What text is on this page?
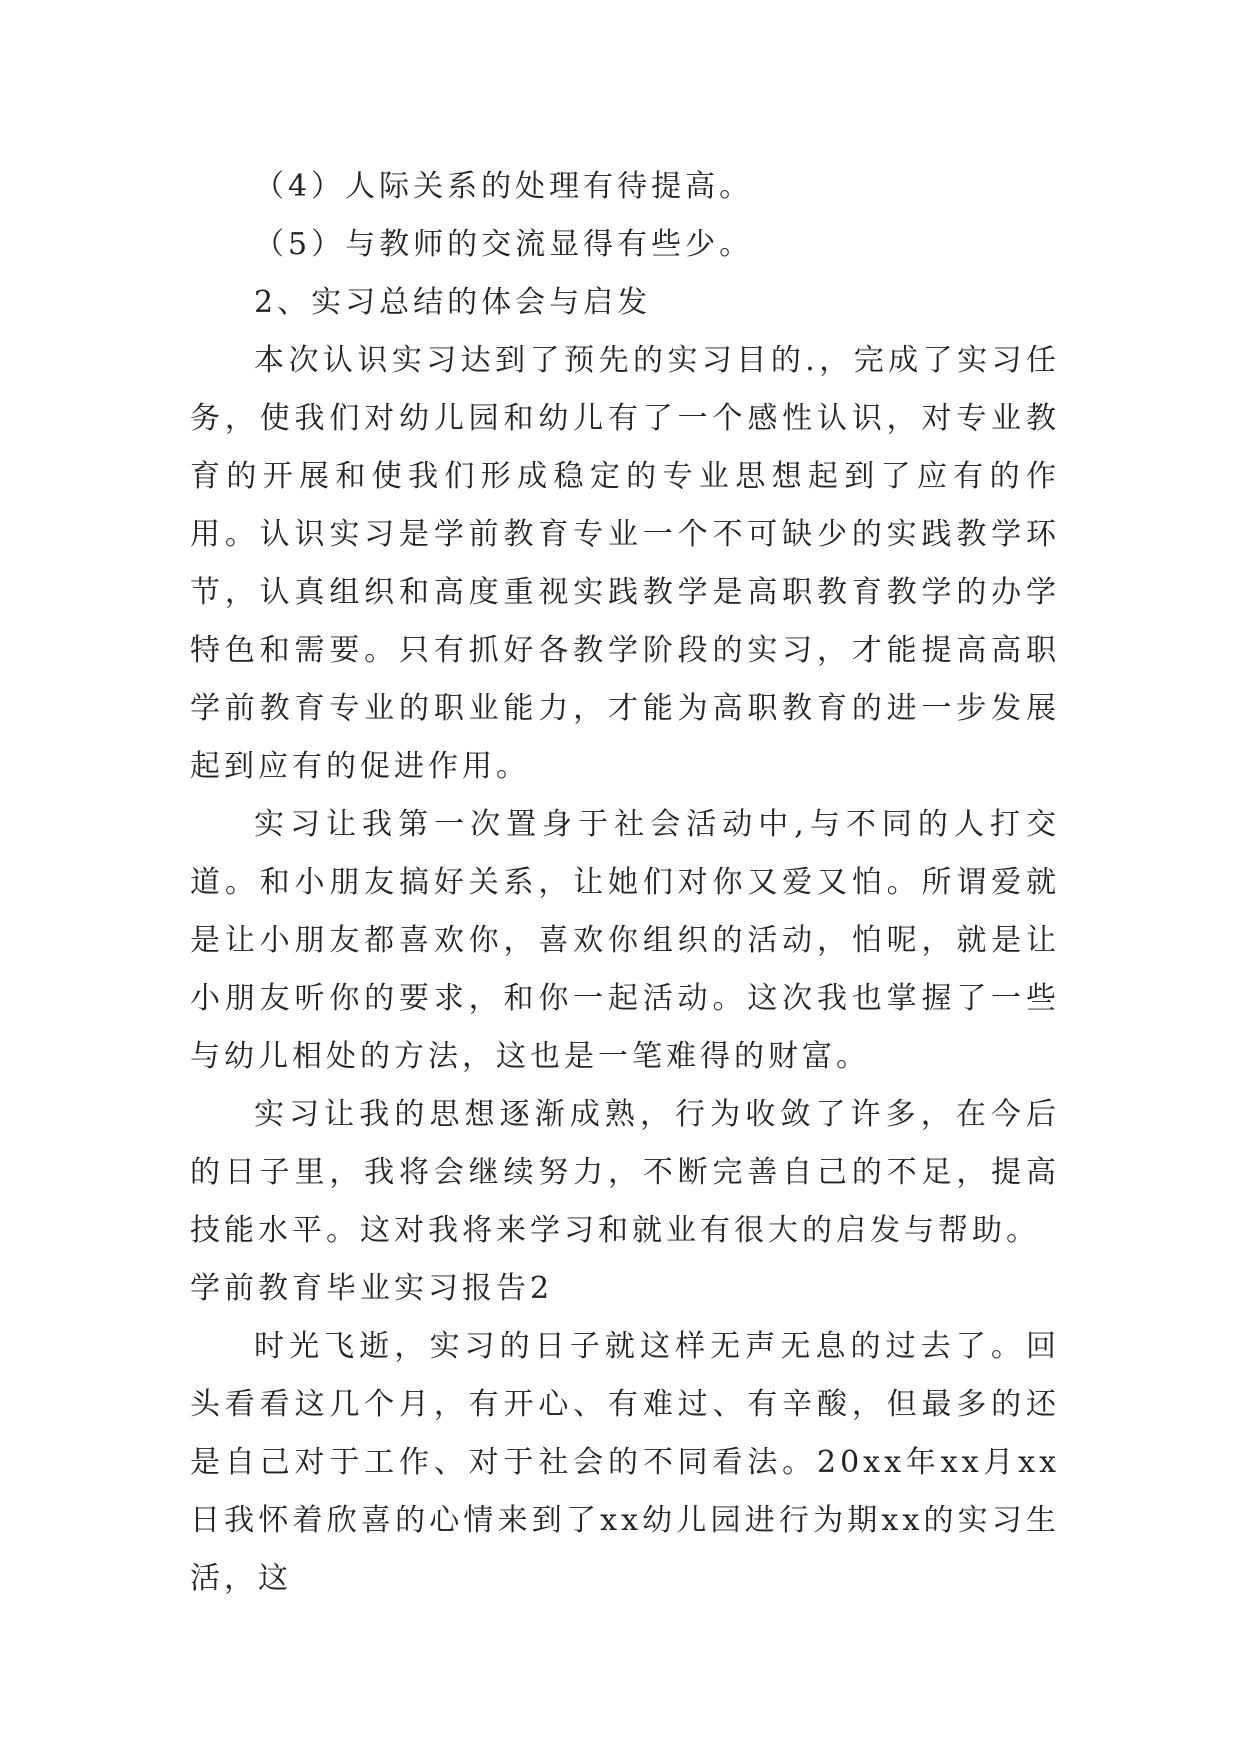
（4）人际关系的处理有待提高。

（5）与教师的交流显得有些少。

2、实习总结的体会与启发

本次认识实习达到了预先的实习目的.，完成了实习任务，使我们对幼儿园和幼儿有了一个感性认识，对专业教育的开展和使我们形成稳定的专业思想起到了应有的作用。认识实习是学前教育专业一个不可缺少的实践教学环节，认真组织和高度重视实践教学是高职教育教学的办学特色和需要。只有抓好各教学阶段的实习，才能提高高职学前教育专业的职业能力，才能为高职教育的进一步发展起到应有的促进作用。

实习让我第一次置身于社会活动中,与不同的人打交道。和小朋友搞好关系，让她们对你又爱又怕。所谓爱就是让小朋友都喜欢你，喜欢你组织的活动，怕呢，就是让小朋友听你的要求，和你一起活动。这次我也掌握了一些与幼儿相处的方法，这也是一笔难得的财富。

实习让我的思想逐渐成熟，行为收敛了许多，在今后的日子里，我将会继续努力，不断完善自己的不足，提高技能水平。这对我将来学习和就业有很大的启发与帮助。

学前教育毕业实习报告2

时光飞逝，实习的日子就这样无声无息的过去了。回头看看这几个月，有开心、有难过、有辛酸，但最多的还是自己对于工作、对于社会的不同看法。20xx年xx月xx日我怀着欣喜的心情来到了xx幼儿园进行为期xx的实习生活，这
